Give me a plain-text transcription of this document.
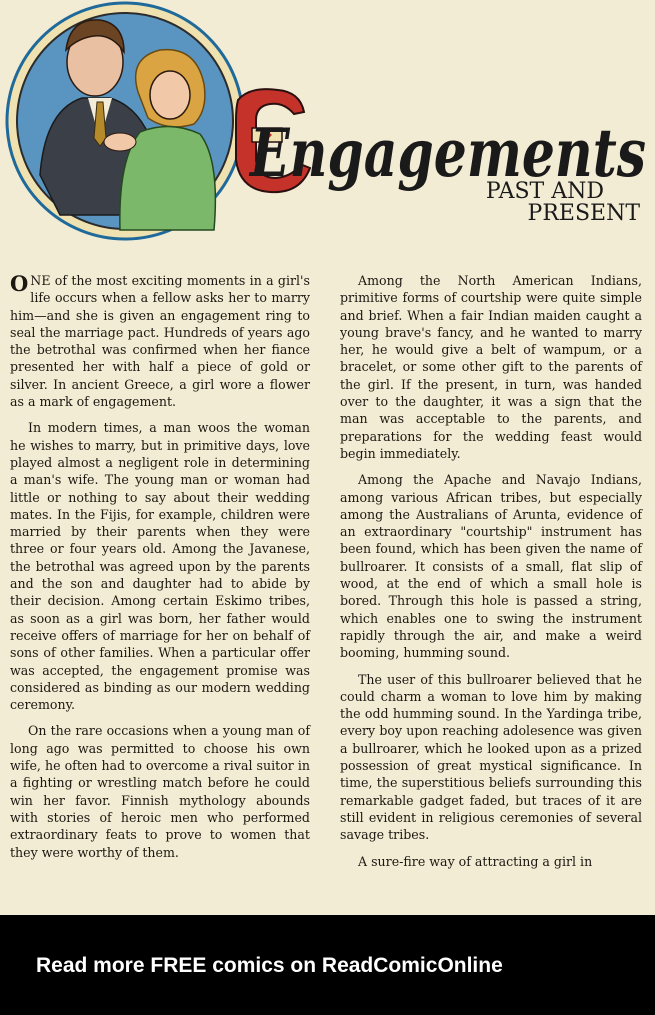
Engagements
PAST AND
PRESENT

ONE of the most exciting moments in a girl's life occurs when a fellow asks her to marry him—and she is given an engagement ring to seal the marriage pact. Hundreds of years ago the betrothal was confirmed when her fiance presented her with half a piece of gold or silver. In ancient Greece, a girl wore a flower as a mark of engagement.

In modern times, a man woos the woman he wishes to marry, but in primitive days, love played almost a negligent role in determining a man's wife. The young man or woman had little or nothing to say about their wedding mates. In the Fijis, for example, children were married by their parents when they were three or four years old. Among the Javanese, the betrothal was agreed upon by the parents and the son and daughter had to abide by their decision. Among certain Eskimo tribes, as soon as a girl was born, her father would receive offers of marriage for her on behalf of sons of other families. When a particular offer was accepted, the engagement promise was considered as binding as our modern wedding ceremony.

On the rare occasions when a young man of long ago was permitted to choose his own wife, he often had to overcome a rival suitor in a fighting or wrestling match before he could win her favor. Finnish mythology abounds with stories of heroic men who performed extraordinary feats to prove to women that they were worthy of them.

Among the North American Indians, primitive forms of courtship were quite simple and brief. When a fair Indian maiden caught a young brave's fancy, and he wanted to marry her, he would give a belt of wampum, or a bracelet, or some other gift to the parents of the girl. If the present, in turn, was handed over to the daughter, it was a sign that the man was acceptable to the parents, and preparations for the wedding feast would begin immediately.

Among the Apache and Navajo Indians, among various African tribes, but especially among the Australians of Arunta, evidence of an extraordinary "courtship" instrument has been found, which has been given the name of bullroarer. It consists of a small, flat slip of wood, at the end of which a small hole is bored. Through this hole is passed a string, which enables one to swing the instrument rapidly through the air, and make a weird booming, humming sound.

The user of this bullroarer believed that he could charm a woman to love him by making the odd humming sound. In the Yardinga tribe, every boy upon reaching adolesence was given a bullroarer, which he looked upon as a prized possession of great mystical significance. In time, the superstitious beliefs surrounding this remarkable gadget faded, but traces of it are still evident in religious ceremonies of several savage tribes.

A sure-fire way of attracting a girl in

Read more FREE comics on ReadComicOnline
